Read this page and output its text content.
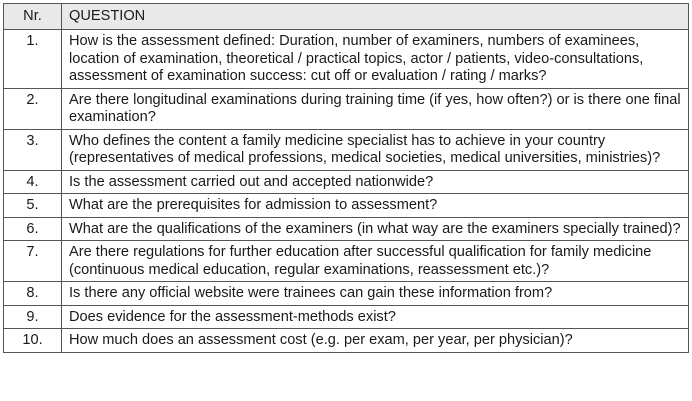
Nr.	QUESTION
1.	How is the assessment defined: Duration, number of examiners, numbers of examinees, location of examination, theoretical / practical topics, actor / patients, video-consultations, assessment of examination success: cut off or evaluation / rating / marks?
2.	Are there longitudinal examinations during training time (if yes, how often?) or is there one final examination?
3.	Who defines the content a family medicine specialist has to achieve in your country (representatives of medical professions, medical societies, medical universities, ministries)?
4.	Is the assessment carried out and accepted nationwide?
5.	What are the prerequisites for admission to assessment?
6.	What are the qualifications of the examiners (in what way are the examiners specially trained)?
7.	Are there regulations for further education after successful qualification for family medicine (continuous medical education, regular examinations, reassessment etc.)?
8.	Is there any official website were trainees can gain these information from?
9.	Does evidence for the assessment-methods exist?
10.	How much does an assessment cost (e.g. per exam, per year, per physician)?
